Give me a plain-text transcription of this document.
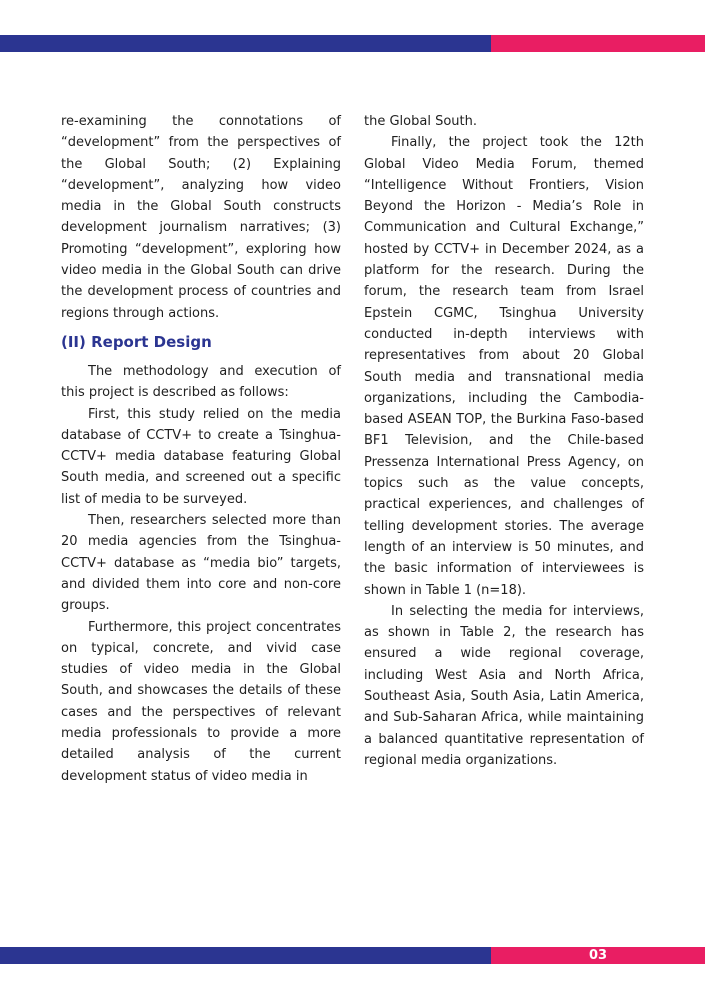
re-examining the connotations of “development” from the perspectives of the Global South; (2) Explaining “development”, analyzing how video media in the Global South constructs development journalism narratives; (3) Promoting “development”, exploring how video media in the Global South can drive the development process of countries and regions through actions.

(II) Report Design

The methodology and execution of this project is described as follows:

First, this study relied on the media database of CCTV+ to create a Tsinghua-CCTV+ media database featuring Global South media, and screened out a specific list of media to be surveyed.

Then, researchers selected more than 20 media agencies from the Tsinghua-CCTV+ database as “media bio” targets, and divided them into core and non-core groups.

Furthermore, this project concentrates on typical, concrete, and vivid case studies of video media in the Global South, and showcases the details of these cases and the perspectives of relevant media professionals to provide a more detailed analysis of the current development status of video media in

the Global South.

Finally, the project took the 12th Global Video Media Forum, themed “Intelligence Without Frontiers, Vision Beyond the Horizon - Media’s Role in Communication and Cultural Exchange,” hosted by CCTV+ in December 2024, as a platform for the research. During the forum, the research team from Israel Epstein CGMC, Tsinghua University conducted in-depth interviews with representatives from about 20 Global South media and transnational media organizations, including the Cambodia-based ASEAN TOP, the Burkina Faso-based BF1 Television, and the Chile-based Pressenza International Press Agency, on topics such as the value concepts, practical experiences, and challenges of telling development stories. The average length of an interview is 50 minutes, and the basic information of interviewees is shown in Table 1 (n=18).

In selecting the media for interviews, as shown in Table 2, the research has ensured a wide regional coverage, including West Asia and North Africa, Southeast Asia, South Asia, Latin America, and Sub-Saharan Africa, while maintaining a balanced quantitative representation of regional media organizations.

03
